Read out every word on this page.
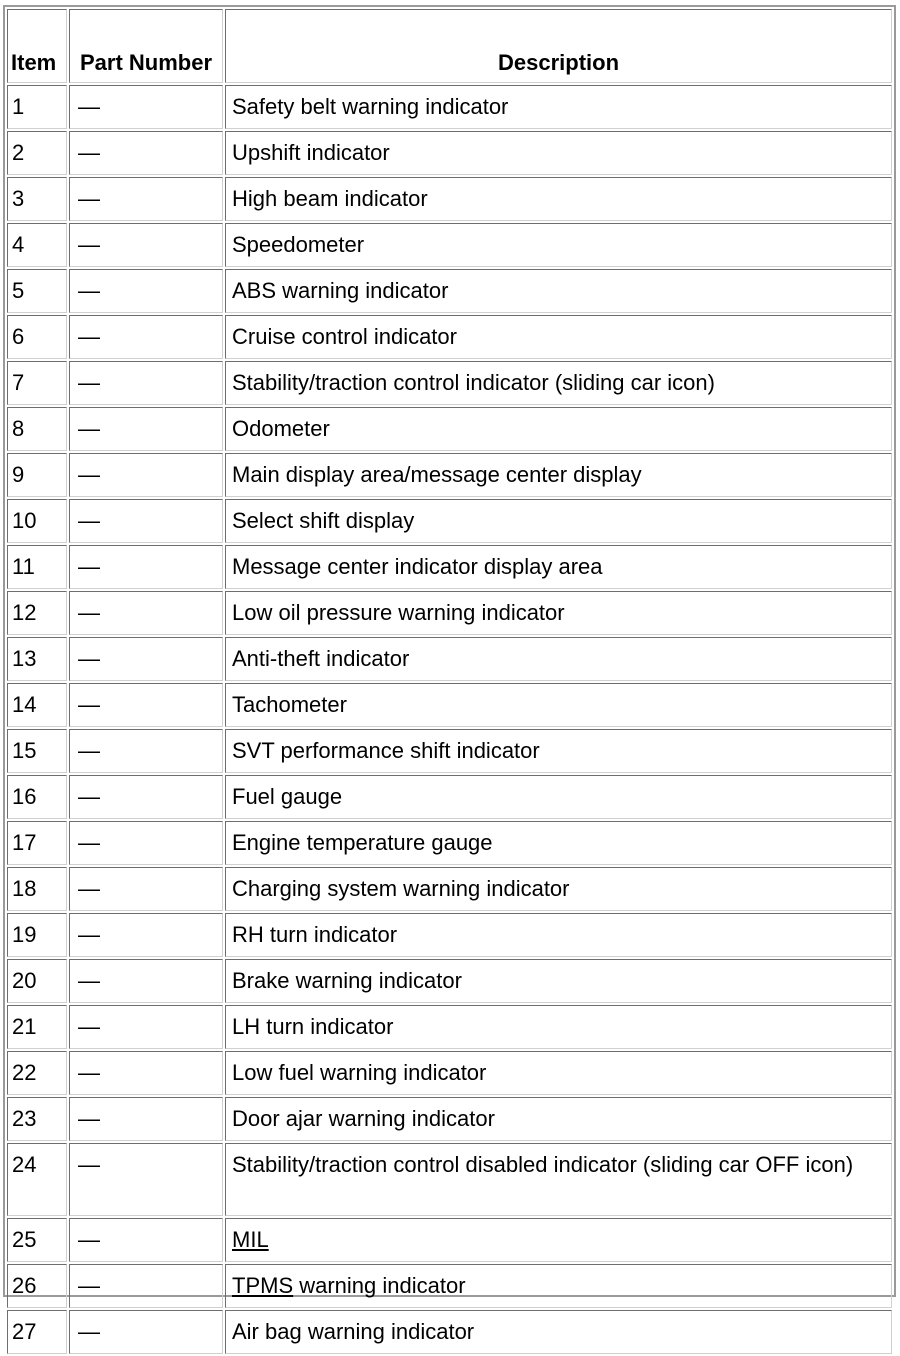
Item	Part Number	Description
1	—	Safety belt warning indicator
2	—	Upshift indicator
3	—	High beam indicator
4	—	Speedometer
5	—	ABS warning indicator
6	—	Cruise control indicator
7	—	Stability/traction control indicator (sliding car icon)
8	—	Odometer
9	—	Main display area/message center display
10	—	Select shift display
11	—	Message center indicator display area
12	—	Low oil pressure warning indicator
13	—	Anti-theft indicator
14	—	Tachometer
15	—	SVT performance shift indicator
16	—	Fuel gauge
17	—	Engine temperature gauge
18	—	Charging system warning indicator
19	—	RH turn indicator
20	—	Brake warning indicator
21	—	LH turn indicator
22	—	Low fuel warning indicator
23	—	Door ajar warning indicator
24	—	Stability/traction control disabled indicator (sliding car OFF icon)
25	—	MIL
26	—	TPMS warning indicator
27	—	Air bag warning indicator
